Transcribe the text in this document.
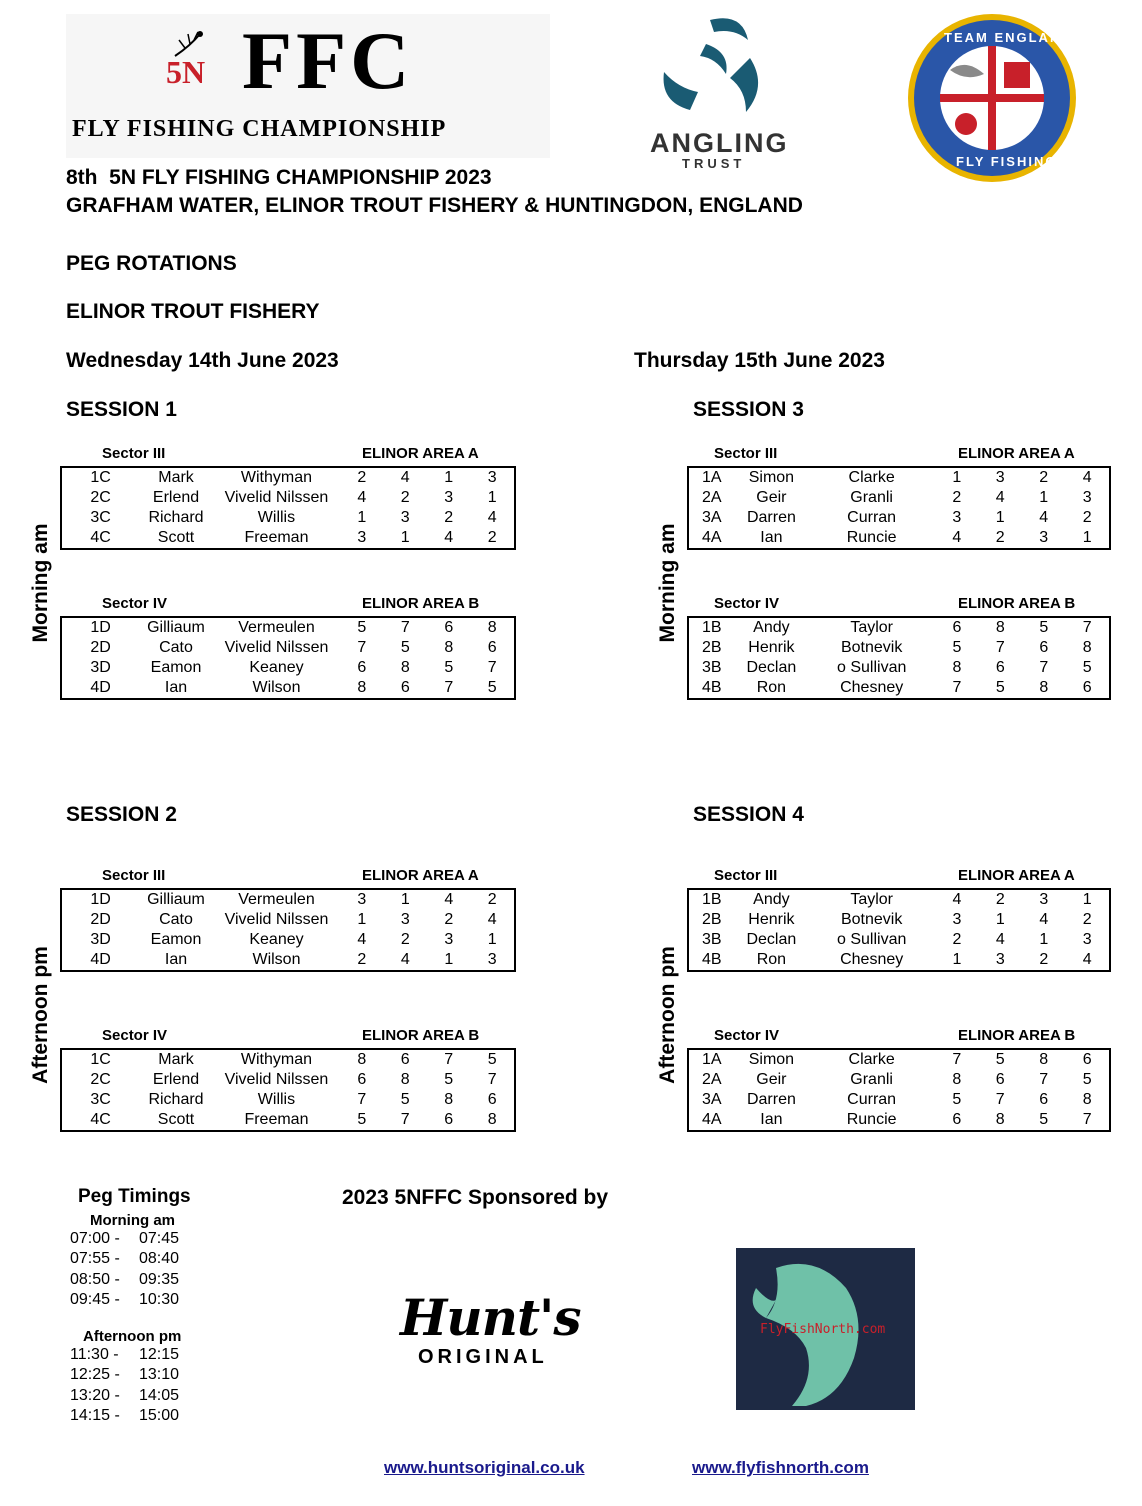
5N FFC
FLY FISHING CHAMPIONSHIP	ANGLING
TRUST
TEAM ENGLAND
FLY FISHING
8th  5N FLY FISHING CHAMPIONSHIP 2023
GRAFHAM WATER, ELINOR TROUT FISHERY & HUNTINGDON, ENGLAND
PEG ROTATIONS
ELINOR TROUT FISHERY
Wednesday 14th June 2023	Thursday 15th June 2023
SESSION 1
Morning am
Sector III	ELINOR AREA A
1C	Mark	Withyman	2	4	1	3
2C	Erlend	Vivelid Nilssen	4	2	3	1
3C	Richard	Willis	1	3	2	4
4C	Scott	Freeman	3	1	4	2
Sector IV	ELINOR AREA B
1D	Gilliaum	Vermeulen	5	7	6	8
2D	Cato	Vivelid Nilssen	7	5	8	6
3D	Eamon	Keaney	6	8	5	7
4D	Ian	Wilson	8	6	7	5
SESSION 3
Morning am
Sector III	ELINOR AREA A
1A	Simon	Clarke	1	3	2	4
2A	Geir	Granli	2	4	1	3
3A	Darren	Curran	3	1	4	2
4A	Ian	Runcie	4	2	3	1
Sector IV	ELINOR AREA B
1B	Andy	Taylor	6	8	5	7
2B	Henrik	Botnevik	5	7	6	8
3B	Declan	o Sullivan	8	6	7	5
4B	Ron	Chesney	7	5	8	6
SESSION 2
Afternoon pm
Sector III	ELINOR AREA A
1D	Gilliaum	Vermeulen	3	1	4	2
2D	Cato	Vivelid Nilssen	1	3	2	4
3D	Eamon	Keaney	4	2	3	1
4D	Ian	Wilson	2	4	1	3
Sector IV	ELINOR AREA B
1C	Mark	Withyman	8	6	7	5
2C	Erlend	Vivelid Nilssen	6	8	5	7
3C	Richard	Willis	7	5	8	6
4C	Scott	Freeman	5	7	6	8
SESSION 4
Afternoon pm
Sector III	ELINOR AREA A
1B	Andy	Taylor	4	2	3	1
2B	Henrik	Botnevik	3	1	4	2
3B	Declan	o Sullivan	2	4	1	3
4B	Ron	Chesney	1	3	2	4
Sector IV	ELINOR AREA B
1A	Simon	Clarke	7	5	8	6
2A	Geir	Granli	8	6	7	5
3A	Darren	Curran	5	7	6	8
4A	Ian	Runcie	6	8	5	7
Peg Timings
Morning am
07:00 - 07:45
07:55 - 08:40
08:50 - 09:35
09:45 - 10:30
Afternoon pm
11:30 - 12:15
12:25 - 13:10
13:20 - 14:05
14:15 - 15:00
2023 5NFFC Sponsored by
Hunt's
ORIGINAL
FlyFishNorth.com
www.huntsoriginal.co.uk	www.flyfishnorth.com
